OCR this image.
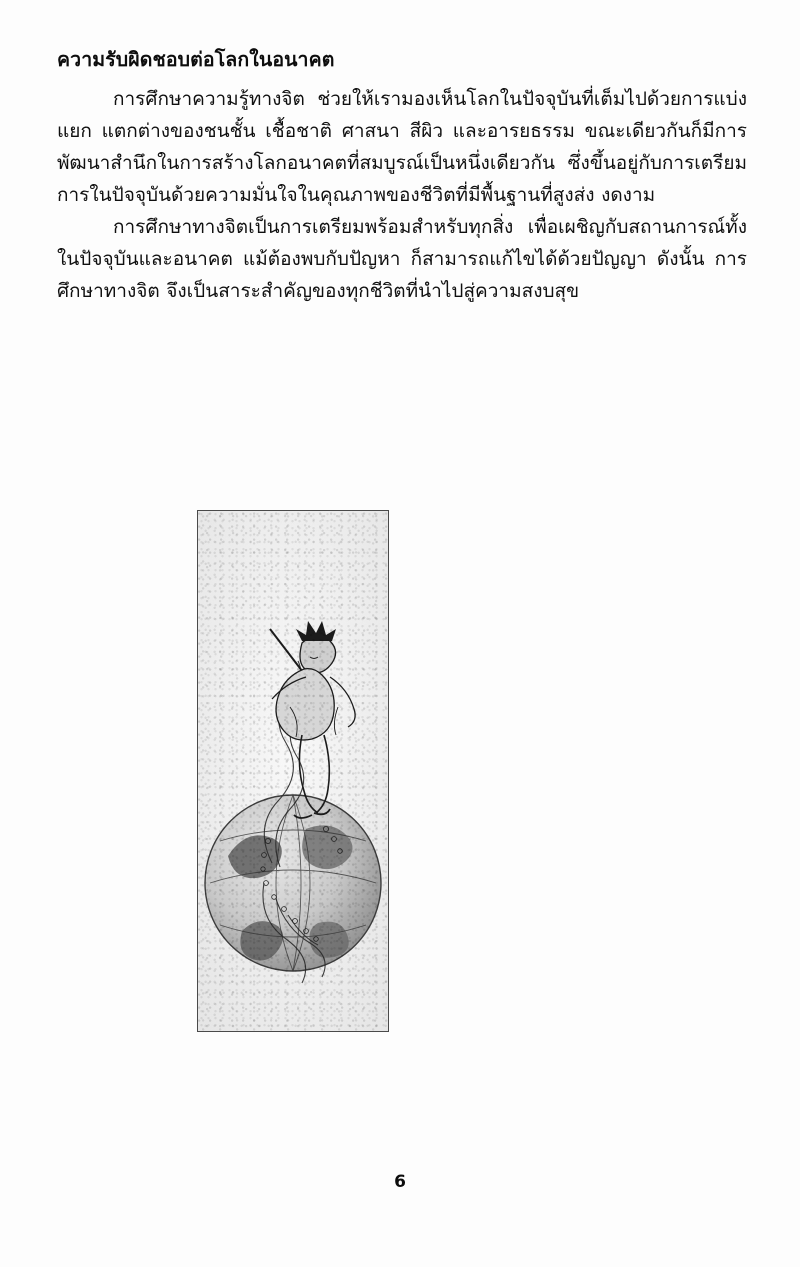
ความรับผิดชอบต่อโลกในอนาคต

การศึกษาความรู้ทางจิต ช่วยให้เรามองเห็นโลกในปัจจุบันที่เต็มไปด้วยการแบ่งแยก แตกต่างของชนชั้น เชื้อชาติ ศาสนา สีผิว และอารยธรรม ขณะเดียวกันก็มีการพัฒนาสำนึกในการสร้างโลกอนาคตที่สมบูรณ์เป็นหนึ่งเดียวกัน ซึ่งขึ้นอยู่กับการเตรียมการในปัจจุบันด้วยความมั่นใจในคุณภาพของชีวิตที่มีพื้นฐานที่สูงส่ง งดงาม

การศึกษาทางจิตเป็นการเตรียมพร้อมสำหรับทุกสิ่ง เพื่อเผชิญกับสถานการณ์ทั้งในปัจจุบันและอนาคต แม้ต้องพบกับปัญหา ก็สามารถแก้ไขได้ด้วยปัญญา ดังนั้น การศึกษาทางจิต จึงเป็นสาระสำคัญของทุกชีวิตที่นำไปสู่ความสงบสุข

6
